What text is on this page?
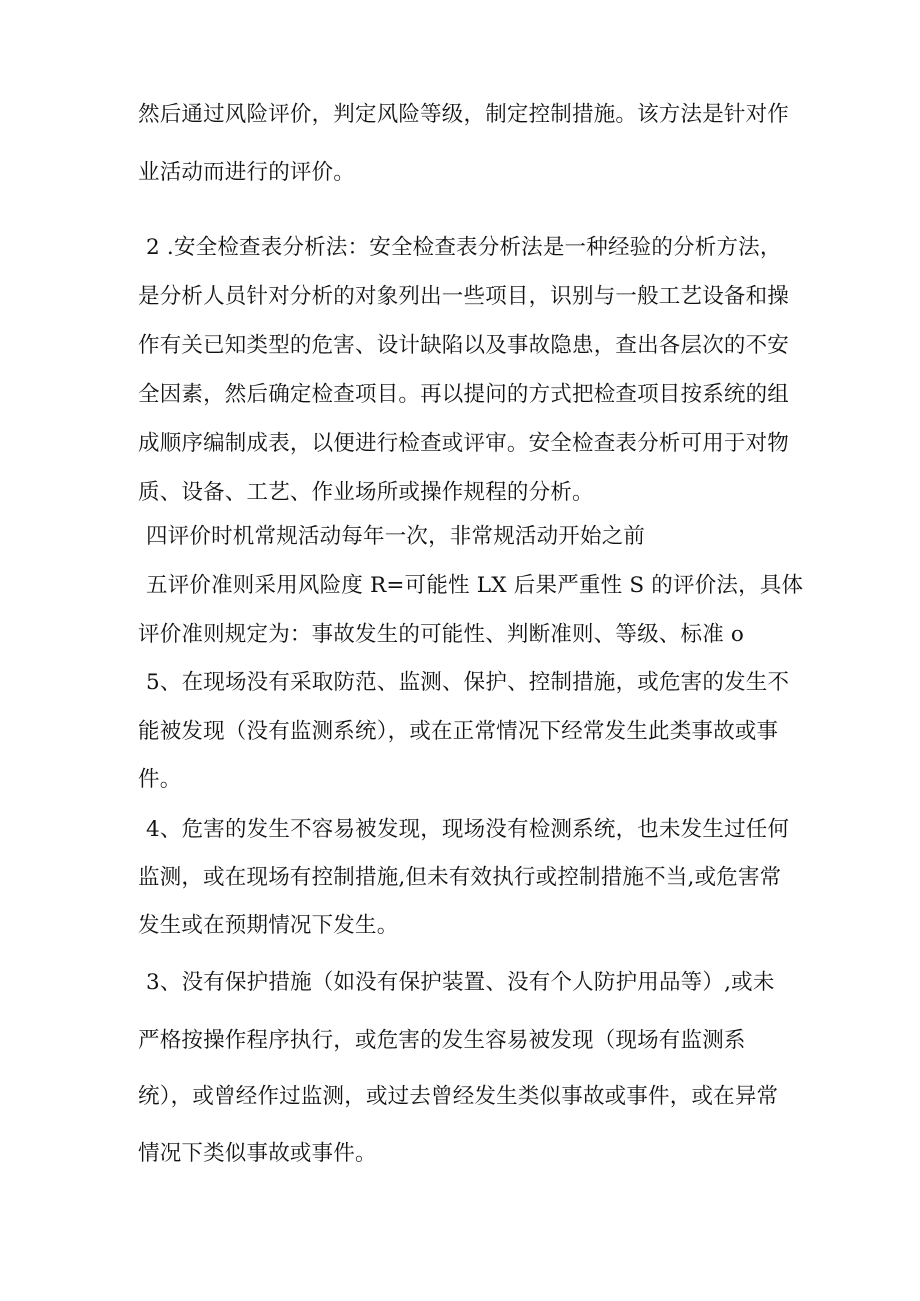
然后通过风险评价，判定风险等级，制定控制措施。该方法是针对作
业活动而进行的评价。
2 .安全检查表分析法：安全检查表分析法是一种经验的分析方法，
是分析人员针对分析的对象列出一些项目，识别与一般工艺设备和操
作有关已知类型的危害、设计缺陷以及事故隐患，查出各层次的不安
全因素，然后确定检查项目。再以提问的方式把检查项目按系统的组
成顺序编制成表，以便进行检查或评审。安全检查表分析可用于对物
质、设备、工艺、作业场所或操作规程的分析。
四评价时机常规活动每年一次，非常规活动开始之前
五评价准则采用风险度 R=可能性 LX 后果严重性 S 的评价法，具体
评价准则规定为：事故发生的可能性、判断准则、等级、标准 o
5、在现场没有采取防范、监测、保护、控制措施，或危害的发生不
能被发现（没有监测系统），或在正常情况下经常发生此类事故或事
件。
4、危害的发生不容易被发现，现场没有检测系统，也未发生过任何
监测，或在现场有控制措施,但未有效执行或控制措施不当,或危害常
发生或在预期情况下发生。
3、没有保护措施（如没有保护装置、没有个人防护用品等）,或未
严格按操作程序执行，或危害的发生容易被发现（现场有监测系
统），或曾经作过监测，或过去曾经发生类似事故或事件，或在异常
情况下类似事故或事件。
